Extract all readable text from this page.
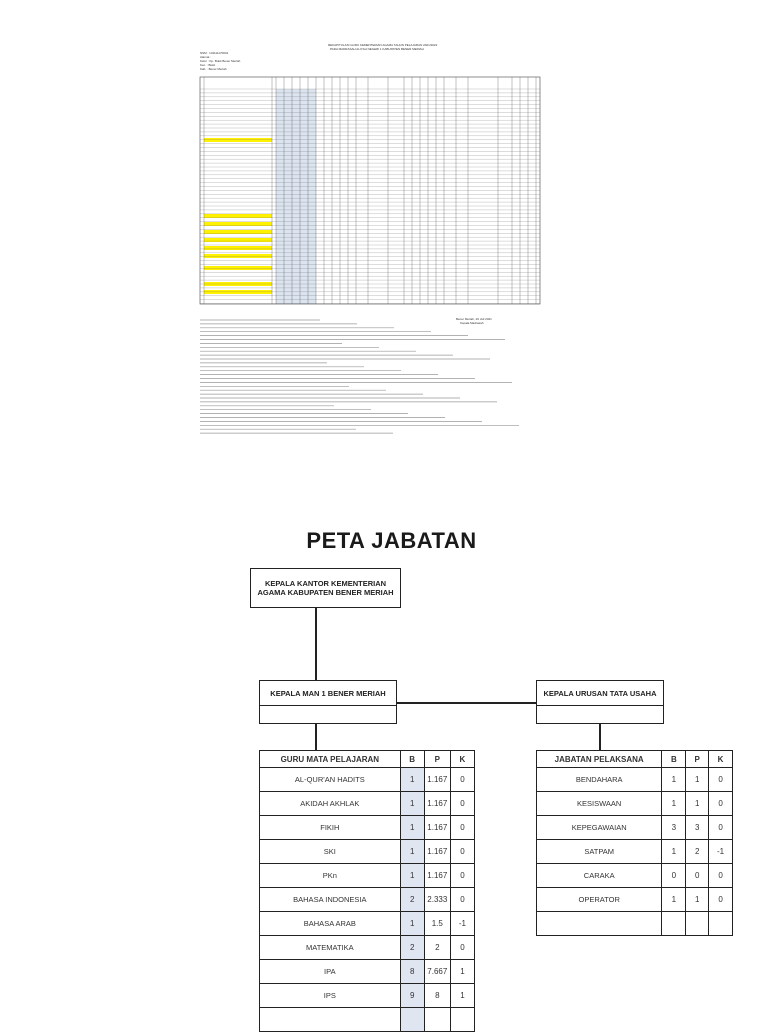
REKAPITULASI GURU KEMENTERIAN AGAMA TAHUN PELAJARAN 2021/2022
PADA MADRASAH ALIYAH NEGERI 1 KABUPATEN BENER MERIAH
NSM : 131111170001
Alamat :
Kelur : Kp. Bukit Bener Meriah
Kec. : Bukit
Kab. : Bener Meriah
Bener Meriah, 20 Juli 2021
Kepala Madrasah
PETA JABATAN
KEPALA KANTOR KEMENTERIAN AGAMA KABUPATEN BENER MERIAH
KEPALA MAN 1 BENER MERIAH	KEPALA URUSAN TATA USAHA
GURU MATA PELAJARAN	B	P	K
AL-QUR'AN HADITS	1	1.167	0
AKIDAH AKHLAK	1	1.167	0
FIKIH	1	1.167	0
SKI	1	1.167	0
PKn	1	1.167	0
BAHASA INDONESIA	2	2.333	0
BAHASA ARAB	1	1.5	-1
MATEMATIKA	2	2	0
IPA	8	7.667	1
IPS	9	8	1

JABATAN PELAKSANA	B	P	K
BENDAHARA	1	1	0
KESISWAAN	1	1	0
KEPEGAWAIAN	3	3	0
SATPAM	1	2	-1
CARAKA	0	0	0
OPERATOR	1	1	0
